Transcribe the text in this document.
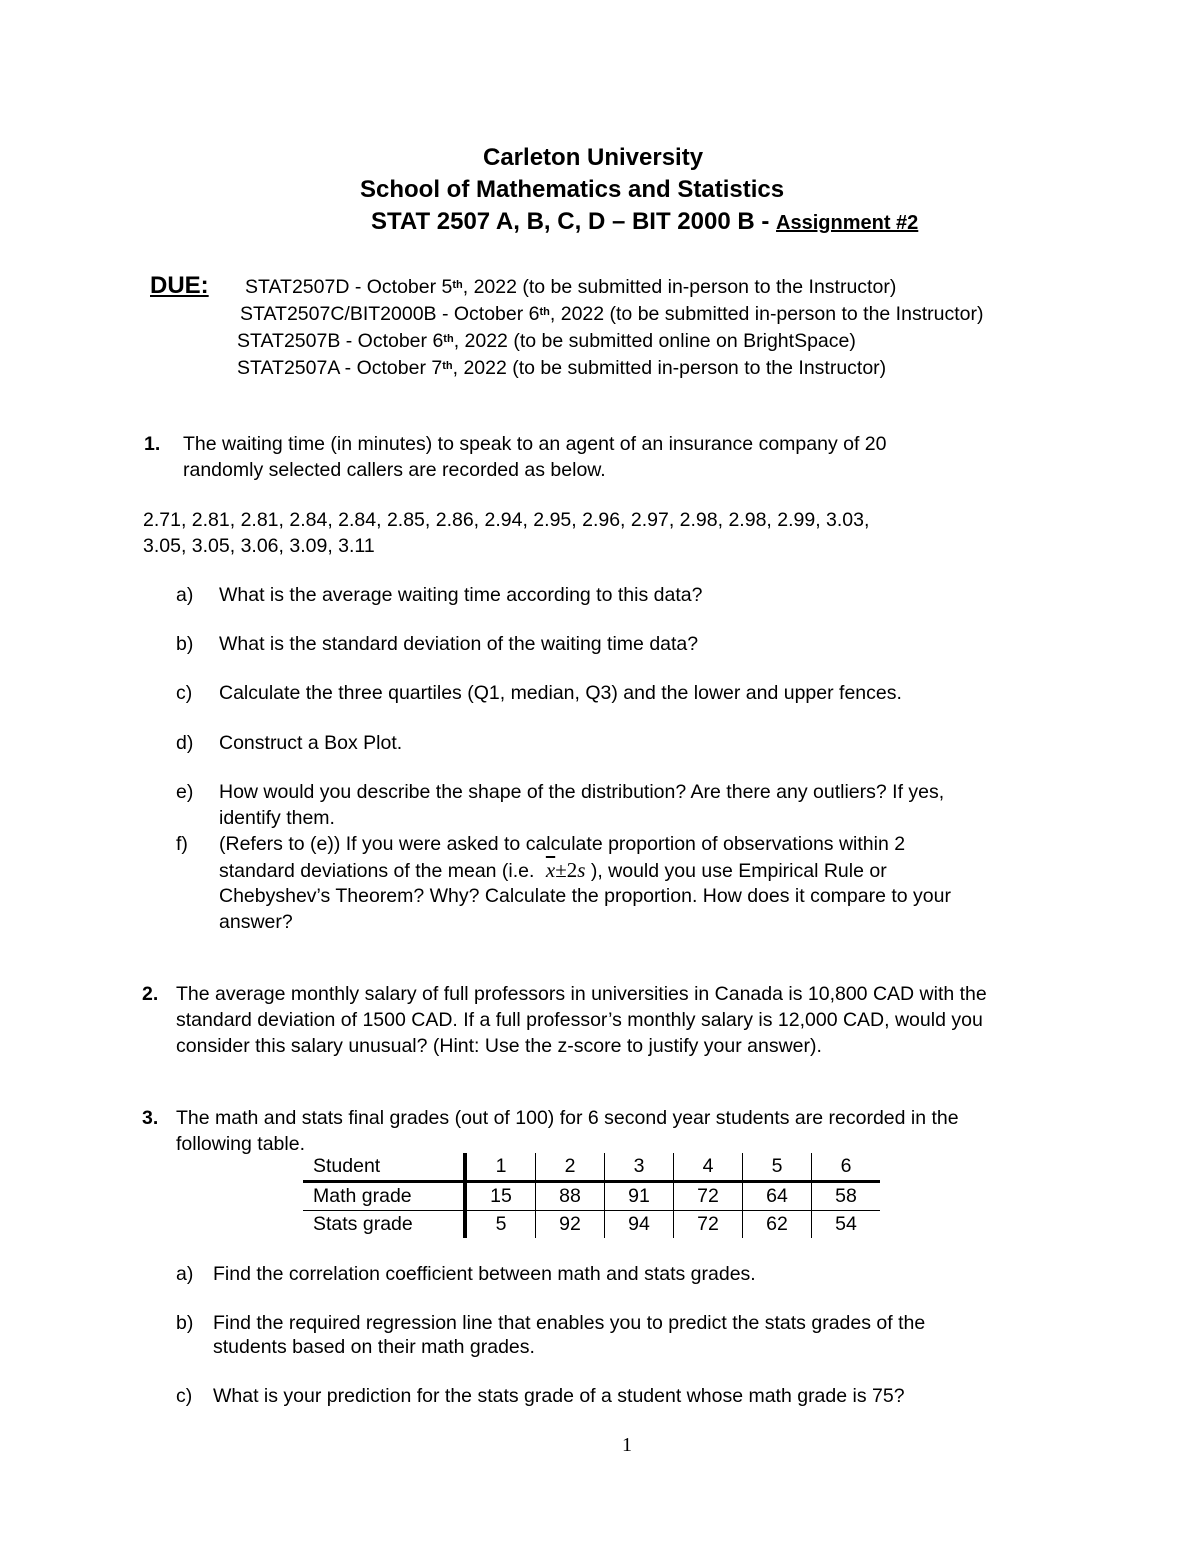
Carleton University
School of Mathematics and Statistics
STAT 2507 A, B, C, D – BIT 2000 B - Assignment #2
DUE: STAT2507D - October 5th, 2022 (to be submitted in-person to the Instructor)
STAT2507C/BIT2000B - October 6th, 2022 (to be submitted in-person to the Instructor)
STAT2507B - October 6th, 2022 (to be submitted online on BrightSpace)
STAT2507A - October 7th, 2022 (to be submitted in-person to the Instructor)
1. The waiting time (in minutes) to speak to an agent of an insurance company of 20
randomly selected callers are recorded as below.
2.71, 2.81, 2.81, 2.84, 2.84, 2.85, 2.86, 2.94, 2.95, 2.96, 2.97, 2.98, 2.98, 2.99, 3.03,
3.05, 3.05, 3.06, 3.09, 3.11
a) What is the average waiting time according to this data?
b) What is the standard deviation of the waiting time data?
c) Calculate the three quartiles (Q1, median, Q3) and the lower and upper fences.
d) Construct a Box Plot.
e) How would you describe the shape of the distribution? Are there any outliers? If yes,
identify them.
f) (Refers to (e)) If you were asked to calculate proportion of observations within 2
standard deviations of the mean (i.e. $\overline{x}\pm 2s$ ), would you use Empirical Rule or
Chebyshev’s Theorem? Why? Calculate the proportion. How does it compare to your
answer?
2. The average monthly salary of full professors in universities in Canada is 10,800 CAD with the
standard deviation of 1500 CAD. If a full professor’s monthly salary is 12,000 CAD, would you
consider this salary unusual? (Hint: Use the z-score to justify your answer).
3. The math and stats final grades (out of 100) for 6 second year students are recorded in the
following table.
Student	1	2	3	4	5	6
Math grade	15	88	91	72	64	58
Stats grade	5	92	94	72	62	54
a) Find the correlation coefficient between math and stats grades.
b) Find the required regression line that enables you to predict the stats grades of the
students based on their math grades.
c) What is your prediction for the stats grade of a student whose math grade is 75?
1
